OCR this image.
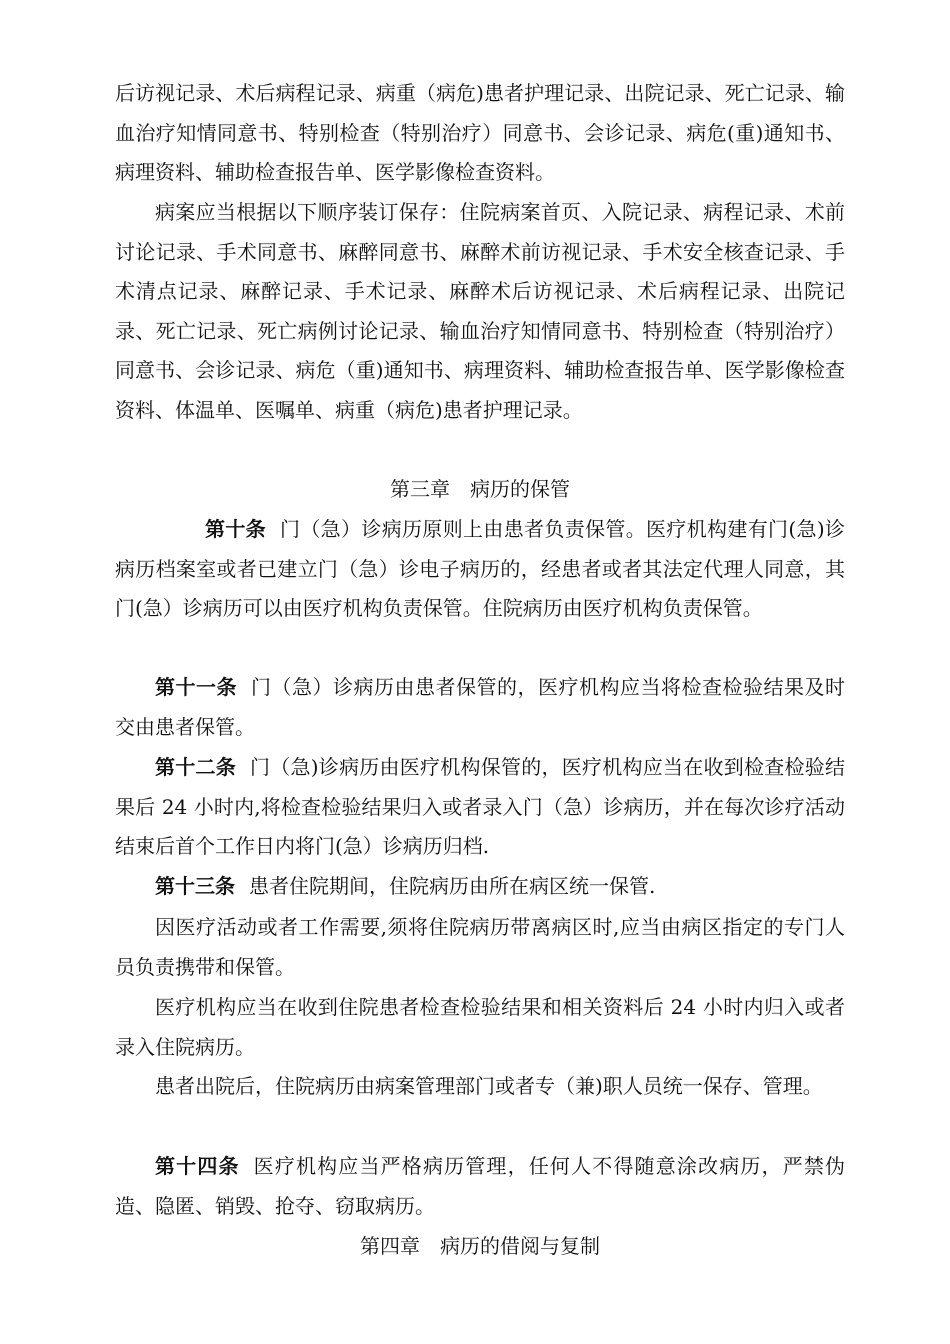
后访视记录、术后病程记录、病重（病危)患者护理记录、出院记录、死亡记录、输血治疗知情同意书、特别检查（特别治疗）同意书、会诊记录、病危(重)通知书、病理资料、辅助检查报告单、医学影像检查资料。

病案应当根据以下顺序装订保存：住院病案首页、入院记录、病程记录、术前讨论记录、手术同意书、麻醉同意书、麻醉术前访视记录、手术安全核查记录、手术清点记录、麻醉记录、手术记录、麻醉术后访视记录、术后病程记录、出院记录、死亡记录、死亡病例讨论记录、输血治疗知情同意书、特别检查（特别治疗）同意书、会诊记录、病危（重)通知书、病理资料、辅助检查报告单、医学影像检查资料、体温单、医嘱单、病重（病危)患者护理记录。

第三章　病历的保管

第十条 门（急）诊病历原则上由患者负责保管。医疗机构建有门(急)诊病历档案室或者已建立门（急）诊电子病历的，经患者或者其法定代理人同意，其门(急）诊病历可以由医疗机构负责保管。住院病历由医疗机构负责保管。

第十一条 门（急）诊病历由患者保管的，医疗机构应当将检查检验结果及时交由患者保管。

第十二条 门（急)诊病历由医疗机构保管的，医疗机构应当在收到检查检验结果后 24 小时内,将检查检验结果归入或者录入门（急）诊病历，并在每次诊疗活动结束后首个工作日内将门(急）诊病历归档.

第十三条 患者住院期间，住院病历由所在病区统一保管.

因医疗活动或者工作需要,须将住院病历带离病区时,应当由病区指定的专门人员负责携带和保管。

医疗机构应当在收到住院患者检查检验结果和相关资料后 24 小时内归入或者录入住院病历。

患者出院后，住院病历由病案管理部门或者专（兼)职人员统一保存、管理。

第十四条 医疗机构应当严格病历管理，任何人不得随意涂改病历，严禁伪造、隐匿、销毁、抢夺、窃取病历。

第四章　病历的借阅与复制
